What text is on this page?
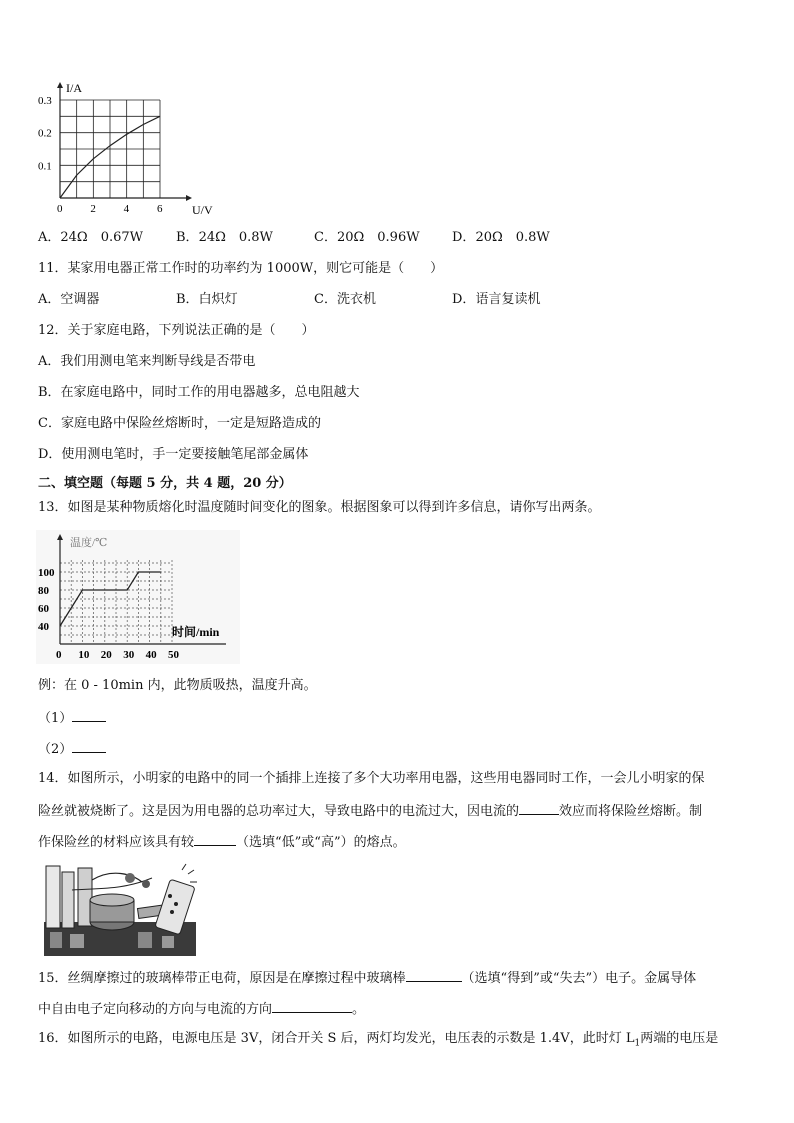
I/A
U/V
0	2	4	6
0.1
0.2
0.3
A．24Ω　0.67W	B．24Ω　0.8W	C．20Ω　0.96W D．20Ω　0.8W
11．某家用电器正常工作时的功率约为 1000W，则它可能是（　　）
A．空调器	B．白炽灯	C．洗衣机	D．语言复读机
12．关于家庭电路，下列说法正确的是（　　）
A．我们用测电笔来判断导线是否带电
B．在家庭电路中，同时工作的用电器越多，总电阻越大
C．家庭电路中保险丝熔断时，一定是短路造成的
D．使用测电笔时，手一定要接触笔尾部金属体
二、填空题（每题 5 分，共 4 题，20 分）
13．如图是某种物质熔化时温度随时间变化的图象。根据图象可以得到许多信息，请你写出两条。
温度/℃
时间/min
0 10 20 30 40 50
40
60
80
100
例：在 0 - 10min 内，此物质吸热，温度升高。
（1）
（2）
14．如图所示，小明家的电路中的同一个插排上连接了多个大功率用电器，这些用电器同时工作，一会儿小明家的保
险丝就被烧断了。这是因为用电器的总功率过大，导致电路中的电流过大，因电流的	效应而将保险丝熔断。制
作保险丝的材料应该具有较	（选填“低”或“高”）的熔点。
15．丝绸摩擦过的玻璃棒带正电荷，原因是在摩擦过程中玻璃棒	（选填“得到”或“失去”）电子。金属导体
中自由电子定向移动的方向与电流的方向	。
16．如图所示的电路，电源电压是 3V，闭合开关 S 后，两灯均发光，电压表的示数是 1.4V，此时灯 $L_1$两端的电压是
